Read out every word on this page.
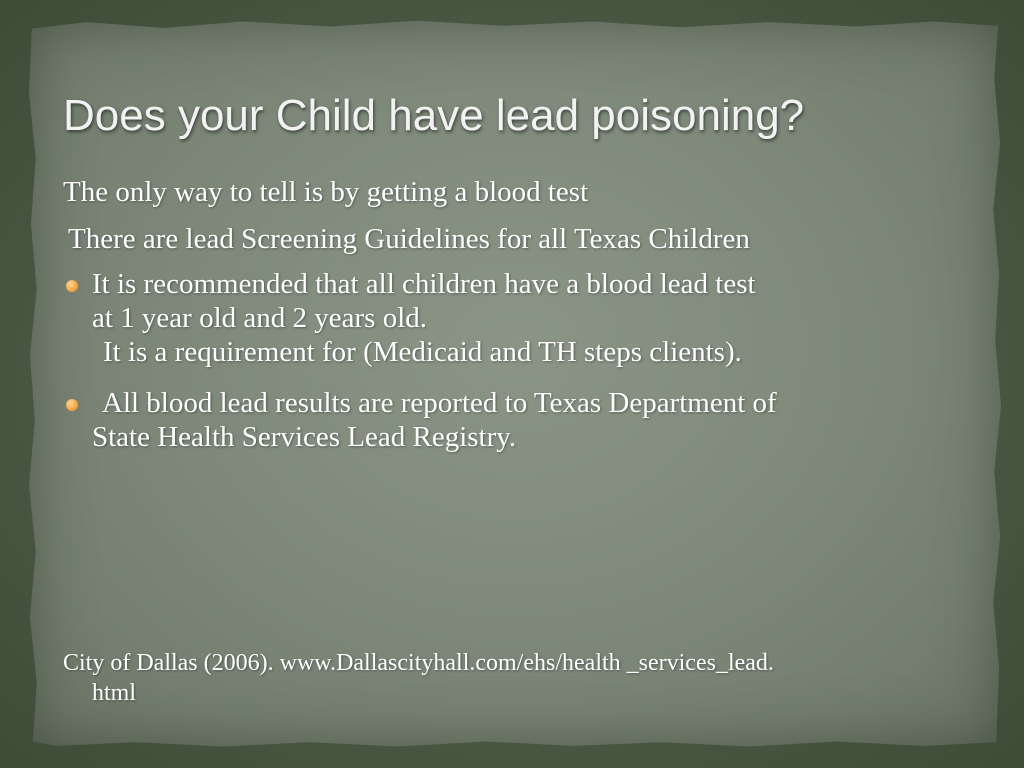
Does your Child have lead poisoning?
The only way to tell is by getting a blood test
There are lead Screening Guidelines for all Texas Children
It is recommended that all children have a blood lead test
at 1 year old and 2 years old.
It is a requirement for (Medicaid and TH steps clients).
All blood lead results are reported to Texas Department of
State Health Services Lead Registry.
City of Dallas (2006). www.Dallascityhall.com/ehs/health _services_lead.
html
